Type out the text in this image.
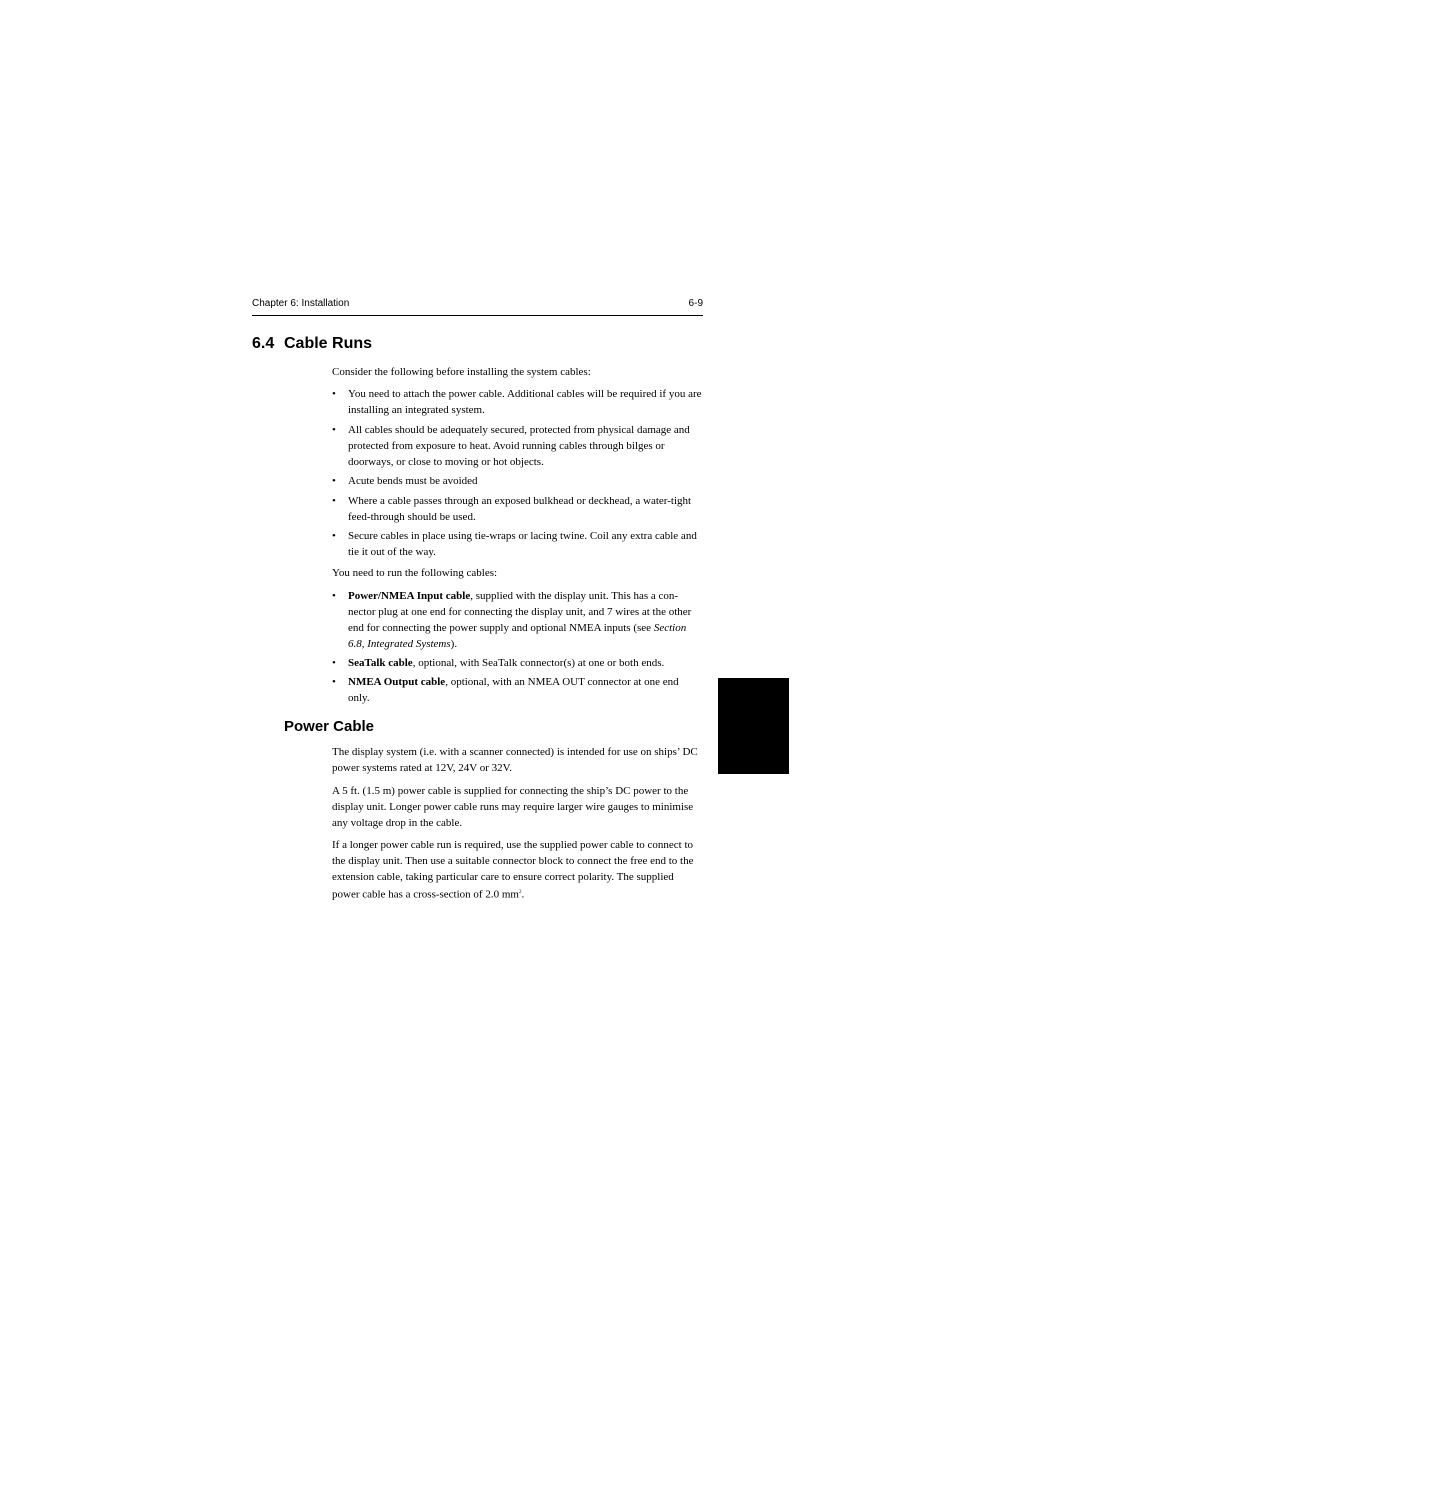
Chapter 6: Installation	6-9
6.4 Cable Runs

Consider the following before installing the system cables:

• You need to attach the power cable. Additional cables will be required if you are installing an integrated system.
• All cables should be adequately secured, protected from physical damage and protected from exposure to heat. Avoid running cables through bilges or doorways, or close to moving or hot objects.
• Acute bends must be avoided
• Where a cable passes through an exposed bulkhead or deckhead, a water-tight feed-through should be used.
• Secure cables in place using tie-wraps or lacing twine. Coil any extra cable and tie it out of the way.

You need to run the following cables:

• Power/NMEA Input cable, supplied with the display unit. This has a con-nector plug at one end for connecting the display unit, and 7 wires at the other end for connecting the power supply and optional NMEA inputs (see Section 6.8, Integrated Systems).
• SeaTalk cable, optional, with SeaTalk connector(s) at one or both ends.
• NMEA Output cable, optional, with an NMEA OUT connector at one end only.
Power Cable

The display system (i.e. with a scanner connected) is intended for use on ships’ DC power systems rated at 12V, 24V or 32V.

A 5 ft. (1.5 m) power cable is supplied for connecting the ship’s DC power to the display unit. Longer power cable runs may require larger wire gauges to minimise any voltage drop in the cable.

If a longer power cable run is required, use the supplied power cable to connect to the display unit. Then use a suitable connector block to connect the free end to the extension cable, taking particular care to ensure correct polarity. The supplied power cable has a cross-section of 2.0 $mm^2$.

Cable Runs
